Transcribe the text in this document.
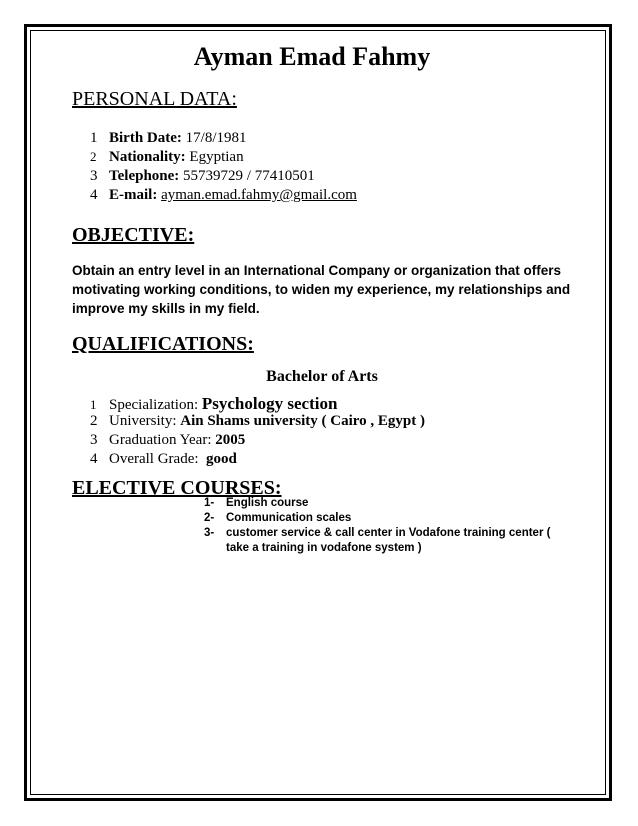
Ayman Emad Fahmy
PERSONAL DATA:
1 Birth Date: 17/8/1981
2 Nationality: Egyptian
3 Telephone: 55739729 / 77410501
4 E-mail: ayman.emad.fahmy@gmail.com
OBJECTIVE:
Obtain an entry level in an International Company or organization that offers motivating working conditions, to widen my experience, my relationships and improve my skills in my field.
QUALIFICATIONS:
Bachelor of Arts
1 Specialization: Psychology section
2 University: Ain Shams university ( Cairo , Egypt )
3 Graduation Year: 2005
4 Overall Grade: good
ELECTIVE COURSES:
1-	English course
2-	Communication scales
3-	customer service & call center in Vodafone training center ( take a training in vodafone system )
